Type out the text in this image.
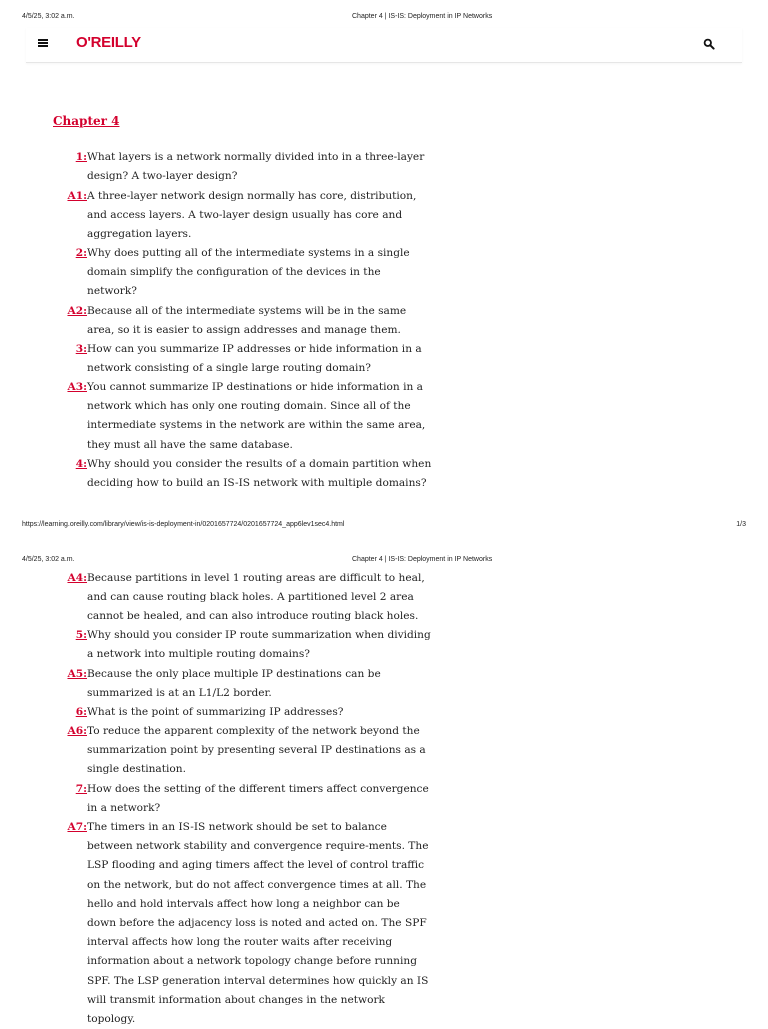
4/5/25, 3:02 a.m.	Chapter 4 | IS-IS: Deployment in IP Networks
O'REILLY
Chapter 4
1: What layers is a network normally divided into in a three-layer design? A two-layer design?
A1: A three-layer network design normally has core, distribution, and access layers. A two-layer design usually has core and aggregation layers.
2: Why does putting all of the intermediate systems in a single domain simplify the configuration of the devices in the network?
A2: Because all of the intermediate systems will be in the same area, so it is easier to assign addresses and manage them.
3: How can you summarize IP addresses or hide information in a network consisting of a single large routing domain?
A3: You cannot summarize IP destinations or hide information in a network which has only one routing domain. Since all of the intermediate systems in the network are within the same area, they must all have the same database.
4: Why should you consider the results of a domain partition when deciding how to build an IS-IS network with multiple domains?
A4: Because partitions in level 1 routing areas are difficult to heal, and can cause routing black holes. A partitioned level 2 area cannot be healed, and can also introduce routing black holes.
5: Why should you consider IP route summarization when dividing a network into multiple routing domains?
A5: Because the only place multiple IP destinations can be summarized is at an L1/L2 border.
6: What is the point of summarizing IP addresses?
A6: To reduce the apparent complexity of the network beyond the summarization point by presenting several IP destinations as a single destination.
7: How does the setting of the different timers affect convergence in a network?
A7: The timers in an IS-IS network should be set to balance between network stability and convergence require-ments. The LSP flooding and aging timers affect the level of control traffic on the network, but do not affect convergence times at all. The hello and hold intervals affect how long a neighbor can be down before the adjacency loss is noted and acted on. The SPF interval affects how long the router waits after receiving information about a network topology change before running SPF. The LSP generation interval determines how quickly an IS will transmit information about changes in the network topology.
https://learning.oreilly.com/library/view/is-is-deployment-in/0201657724/0201657724_app6lev1sec4.html	1/3
4/5/25, 3:02 a.m.	Chapter 4 | IS-IS: Deployment in IP Networks
